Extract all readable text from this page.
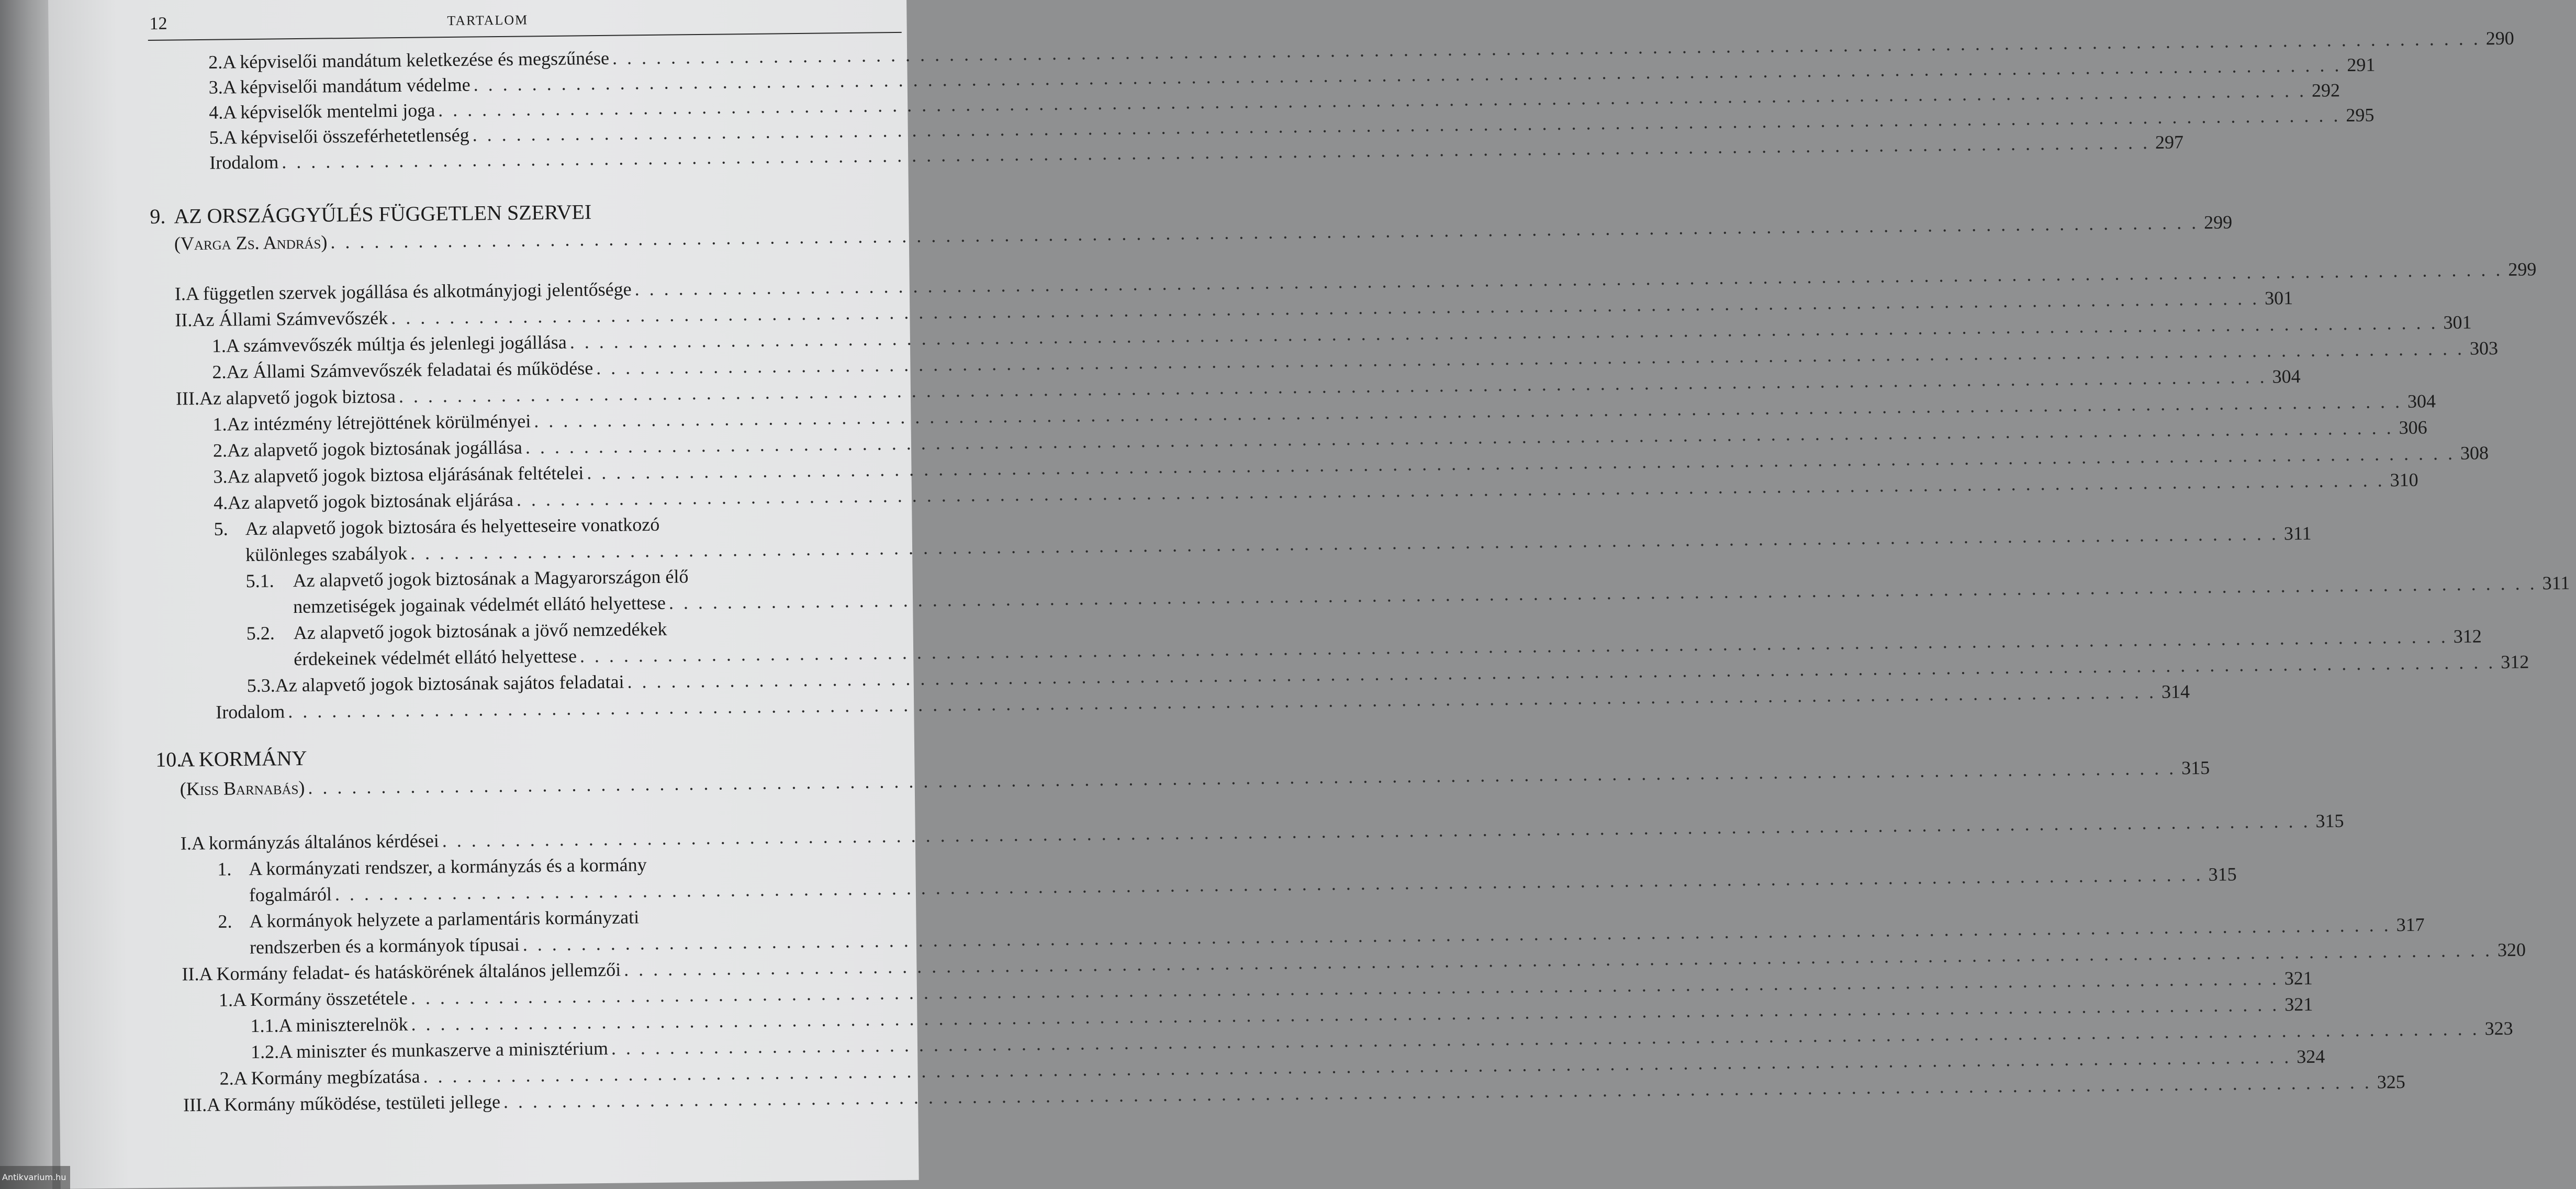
12	TARTALOM
2. A képviselői mandátum keletkezése és megszűnése
. . .
290
3. A képviselői mandátum védelme
. . .
291
4. A képviselők mentelmi joga
. . .
292
5. A képviselői összeférhetetlenség
. . .
295
Irodalom
. . .
297
9. AZ ORSZÁGGYŰLÉS FÜGGETLEN SZERVEI
(Varga Zs. András)
. . .
299
I. A független szervek jogállása és alkotmányjogi jelentősége
. . .
299
II. Az Állami Számvevőszék
. . .
301
1. A számvevőszék múltja és jelenlegi jogállása
. . .
301
2. Az Állami Számvevőszék feladatai és működése
. . .
303
III. Az alapvető jogok biztosa
. . .
304
1. Az intézmény létrejöttének körülményei
. . .
304
2. Az alapvető jogok biztosának jogállása
. . .
306
3. Az alapvető jogok biztosa eljárásának feltételei
. . .
308
4. Az alapvető jogok biztosának eljárása
. . .
310
5. Az alapvető jogok biztosára és helyetteseire vonatkozó
különleges szabályok
. . .
311
5.1. Az alapvető jogok biztosának a Magyarországon élő
nemzetiségek jogainak védelmét ellátó helyettese
. . .
311
5.2. Az alapvető jogok biztosának a jövő nemzedékek
érdekeinek védelmét ellátó helyettese
. . .
312
5.3. Az alapvető jogok biztosának sajátos feladatai
. . .
312
Irodalom
. . .
314
10.
A KORMÁNY
(Kiss Barnabás)
. . .
315
I. A kormányzás általános kérdései
. . .
315
1. A kormányzati rendszer, a kormányzás és a kormány
fogalmáról
. . .
315
2. A kormányok helyzete a parlamentáris kormányzati
rendszerben és a kormányok típusai
. . .
317
II. A Kormány feladat- és hatáskörének általános jellemzői
. . .
320
1. A Kormány összetétele
. . .
321
1.1. A miniszterelnök
. . .
321
1.2. A miniszter és munkaszerve a minisztérium
. . .
323
2. A Kormány megbízatása
. . .
324
III. A Kormány működése, testületi jellege
. . .
325
Antikvarium.hu
